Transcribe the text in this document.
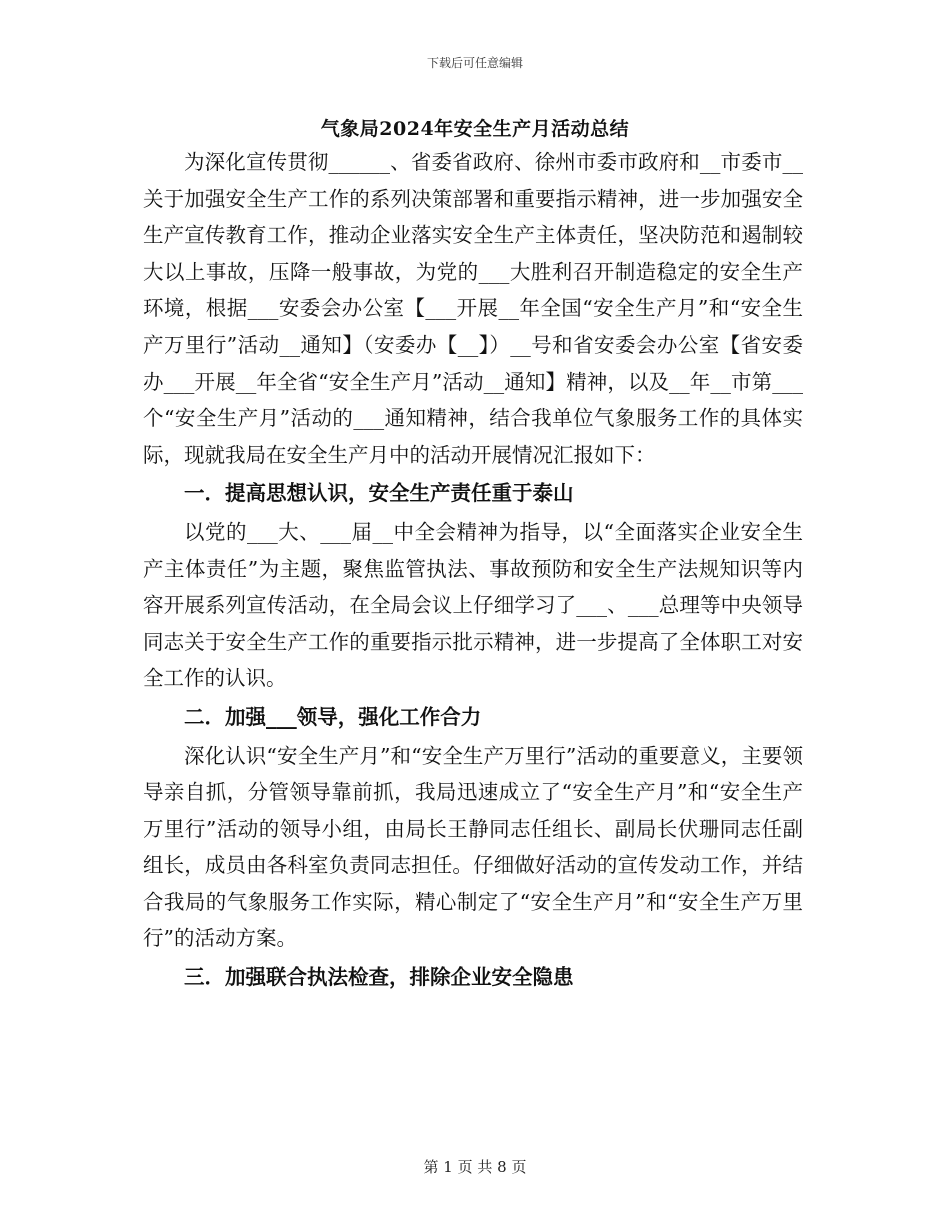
下载后可任意编辑
气象局2024年安全生产月活动总结

为深化宣传贯彻______、省委省政府、徐州市委市政府和__市委市__关于加强安全生产工作的系列决策部署和重要指示精神，进一步加强安全生产宣传教育工作，推动企业落实安全生产主体责任，坚决防范和遏制较大以上事故，压降一般事故，为党的___大胜利召开制造稳定的安全生产环境，根据___安委会办公室【___开展__年全国“安全生产月”和“安全生产万里行”活动__通知】（安委办【__】）__号和省安委会办公室【省安委办___开展__年全省“安全生产月”活动__通知】精神，以及__年__市第___个“安全生产月”活动的___通知精神，结合我单位气象服务工作的具体实际，现就我局在安全生产月中的活动开展情况汇报如下：

一．提高思想认识，安全生产责任重于泰山

以党的___大、___届__中全会精神为指导，以“全面落实企业安全生产主体责任”为主题，聚焦监管执法、事故预防和安全生产法规知识等内容开展系列宣传活动，在全局会议上仔细学习了___、___总理等中央领导同志关于安全生产工作的重要指示批示精神，进一步提高了全体职工对安全工作的认识。

二．加强___领导，强化工作合力

深化认识“安全生产月”和“安全生产万里行”活动的重要意义，主要领导亲自抓，分管领导靠前抓，我局迅速成立了“安全生产月”和“安全生产万里行”活动的领导小组，由局长王静同志任组长、副局长伏珊同志任副组长，成员由各科室负责同志担任。仔细做好活动的宣传发动工作，并结合我局的气象服务工作实际，精心制定了“安全生产月”和“安全生产万里行”的活动方案。

三．加强联合执法检查，排除企业安全隐患
第 1 页 共 8 页
